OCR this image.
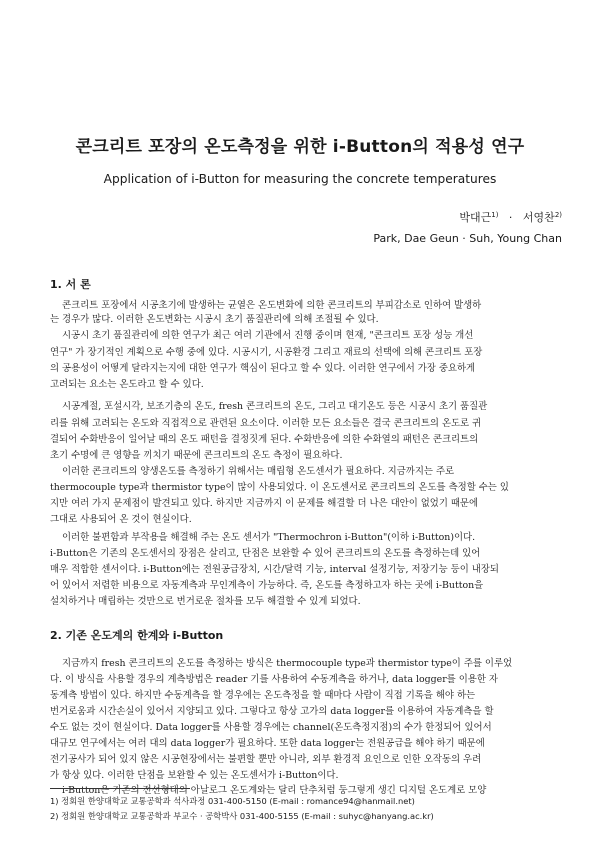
콘크리트 포장의 온도측정을 위한 i-Button의 적용성 연구
Application of i-Button for measuring the concrete temperatures
박대근$^{1)}$ · 서영찬$^{2)}$
Park, Dae Geun · Suh, Young Chan
1. 서 론
콘크리트 포장에서 시공초기에 발생하는 균열은 온도변화에 의한 콘크리트의 부피감소로 인하여 발생하
는 경우가 많다. 이러한 온도변화는 시공시 초기 품질관리에 의해 조절될 수 있다.
시공시 초기 품질관리에 의한 연구가 최근 여러 기관에서 진행 중이며 현재, "콘크리트 포장 성능 개선
연구" 가 장기적인 계획으로 수행 중에 있다. 시공시기, 시공환경 그리고 재료의 선택에 의해 콘크리트 포장
의 공용성이 어떻게 달라지는지에 대한 연구가 핵심이 된다고 할 수 있다. 이러한 연구에서 가장 중요하게
고려되는 요소는 온도라고 할 수 있다.
시공계절, 포설시각, 보조기층의 온도, fresh 콘크리트의 온도, 그리고 대기온도 등은 시공시 초기 품질관
리를 위해 고려되는 온도와 직접적으로 관련된 요소이다. 이러한 모든 요소들은 결국 콘크리트의 온도로 귀
결되어 수화반응이 일어날 때의 온도 패턴을 결정짓게 된다. 수화반응에 의한 수화열의 패턴은 콘크리트의
초기 수명에 큰 영향을 끼치기 때문에 콘크리트의 온도 측정이 필요하다.
이러한 콘크리트의 양생온도를 측정하기 위해서는 매립형 온도센서가 필요하다. 지금까지는 주로
thermocouple type과 thermistor type이 많이 사용되었다. 이 온도센서로 콘크리트의 온도를 측정할 수는 있
지만 여러 가지 문제점이 발견되고 있다. 하지만 지금까지 이 문제를 해결할 더 나은 대안이 없었기 때문에
그대로 사용되어 온 것이 현실이다.
이러한 불편함과 부작용을 해결해 주는 온도 센서가 "Thermochron i-Button"(이하 i-Button)이다.
i-Button은 기존의 온도센서의 장점은 살리고, 단점은 보완할 수 있어 콘크리트의 온도를 측정하는데 있어
매우 적합한 센서이다. i-Button에는 전원공급장치, 시간/달력 기능, interval 설정기능, 저장기능 등이 내장되
어 있어서 저렴한 비용으로 자동계측과 무인계측이 가능하다. 즉, 온도를 측정하고자 하는 곳에 i-Button을
설치하거나 매립하는 것만으로 번거로운 절차를 모두 해결할 수 있게 되었다.
2. 기존 온도계의 한계와 i-Button
지금까지 fresh 콘크리트의 온도를 측정하는 방식은 thermocouple type과 thermistor type이 주를 이루었
다. 이 방식을 사용할 경우의 계측방법은 reader 기를 사용하여 수동계측을 하거나, data logger를 이용한 자
동계측 방법이 있다. 하지만 수동계측을 할 경우에는 온도측정을 할 때마다 사람이 직접 기록을 해야 하는
번거로움과 시간손실이 있어서 지양되고 있다. 그렇다고 항상 고가의 data logger를 이용하여 자동계측을 할
수도 없는 것이 현실이다. Data logger를 사용할 경우에는 channel(온도측정지점)의 수가 한정되어 있어서
대규모 연구에서는 여러 대의 data logger가 필요하다. 또한 data logger는 전원공급을 해야 하기 때문에
전기공사가 되어 있지 않은 시공현장에서는 불편할 뿐만 아니라, 외부 환경적 요인으로 인한 오작동의 우려
가 항상 있다. 이러한 단점을 보완할 수 있는 온도센서가 i-Button이다.
i-Button은 기존의 전선형태의 아날로그 온도계와는 달리 단추처럼 둥그렇게 생긴 디지털 온도계로 모양
1) 정회원 한양대학교 교통공학과 석사과정 031-400-5150 (E-mail : romance94@hanmail.net)
2) 정회원 한양대학교 교통공학과 부교수 · 공학박사 031-400-5155 (E-mail : suhyc@hanyang.ac.kr)
